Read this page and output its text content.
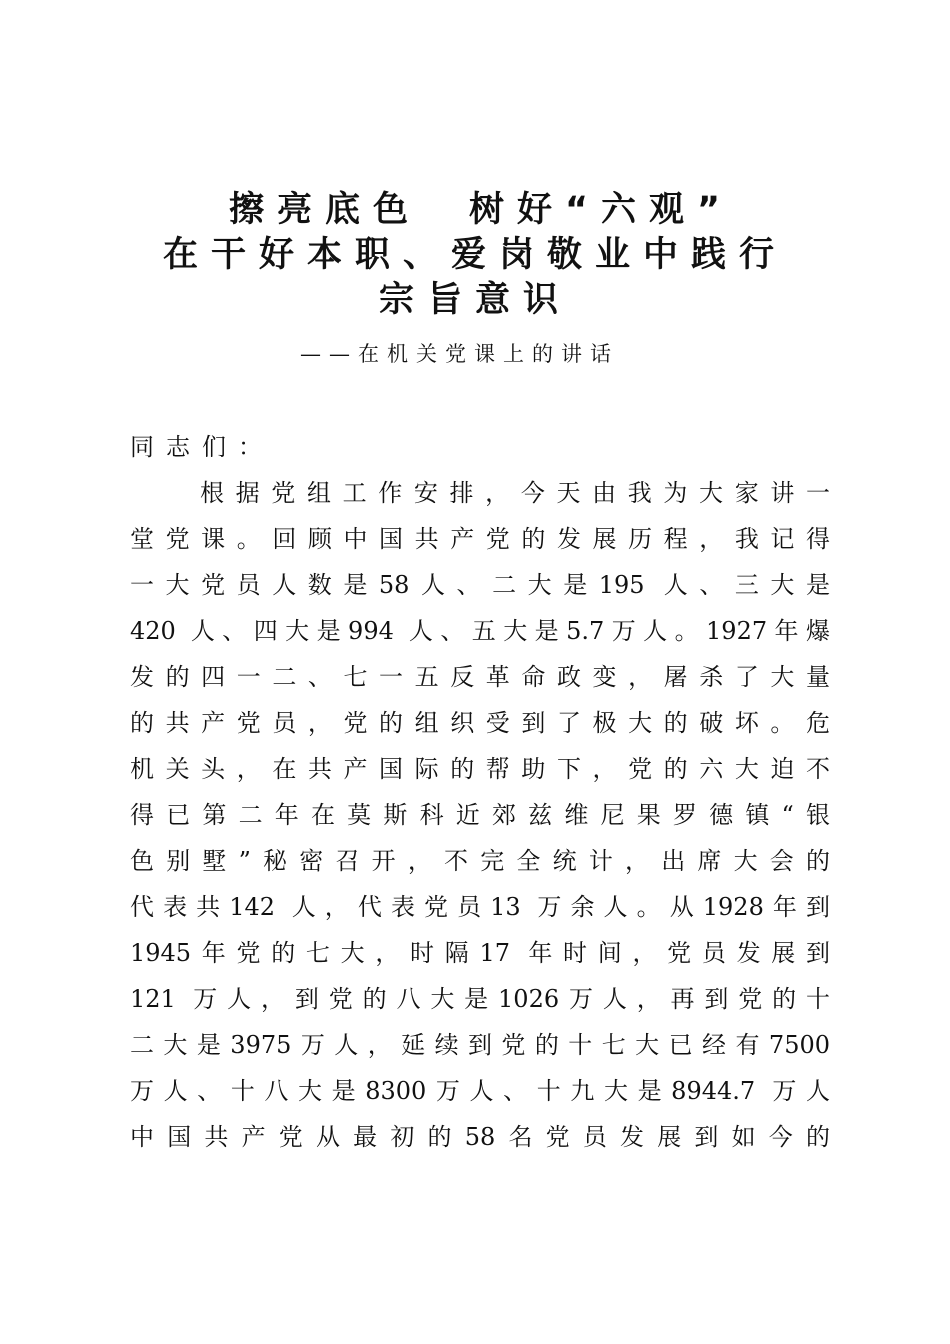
擦亮底色　树好“六观”
在干好本职、爱岗敬业中践行
宗旨意识
——在机关党课上的讲话
同志们：
根据党组工作安排，今天由我为大家讲一
堂党课。回顾中国共产党的发展历程，我记得
一大党员人数是58人、二大是195 人、三大是
420 人、四大是994 人、五大是5.7万人。1927年爆
发的四一二、七一五反革命政变，屠杀了大量
的共产党员，党的组织受到了极大的破坏。危
机关头，在共产国际的帮助下，党的六大迫不
得已第二年在莫斯科近郊兹维尼果罗德镇“银
色别墅”秘密召开，不完全统计，出席大会的
代表共142 人，代表党员13 万余人。从1928年到
1945年党的七大，时隔17 年时间，党员发展到
121 万人，到党的八大是1026万人，再到党的十
二大是3975万人，延续到党的十七大已经有7500
万人、十八大是8300万人、十九大是8944.7 万人
中国共产党从最初的58名党员发展到如今的
